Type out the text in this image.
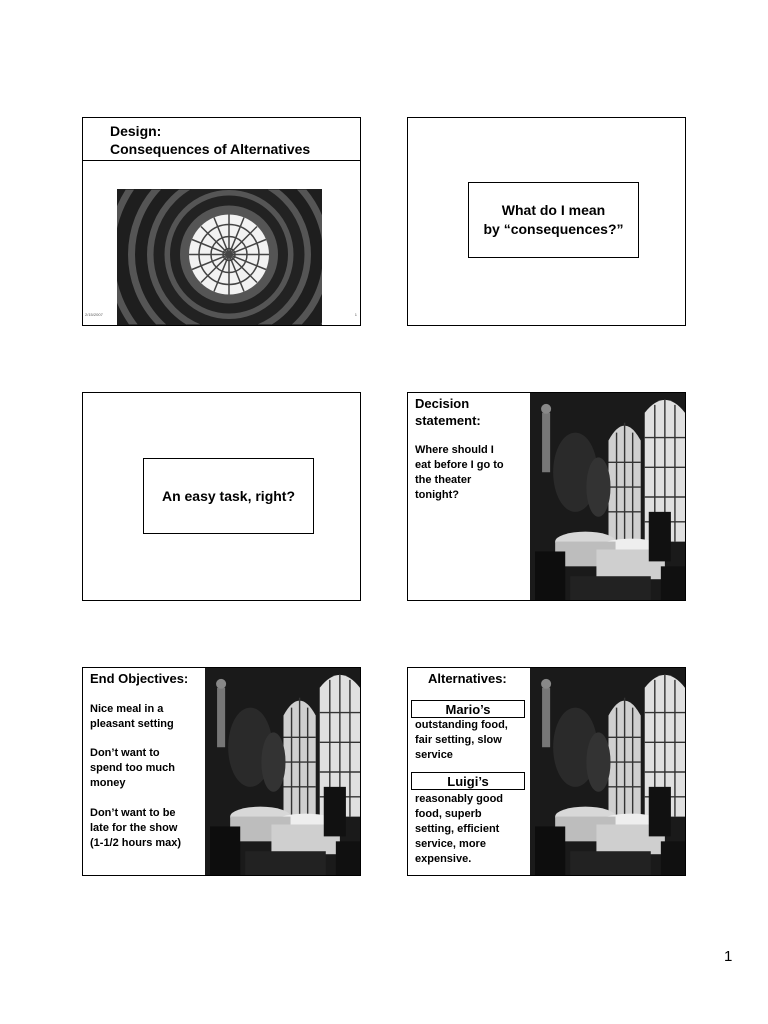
Design:
Consequences of Alternatives
2/15/2007	1
What do I mean
by “consequences?”
An easy task, right?
Decision
statement:
Where should I
eat before I go to
the theater
tonight?
End Objectives:
Nice meal in a
pleasant setting
Don’t want to
spend too much
money
Don’t want to be
late for the show
(1-1/2 hours max)
Alternatives:
Mario’s
outstanding food,
fair setting, slow
service
Luigi’s
reasonably good
food, superb
setting, efficient
service, more
expensive.
1
